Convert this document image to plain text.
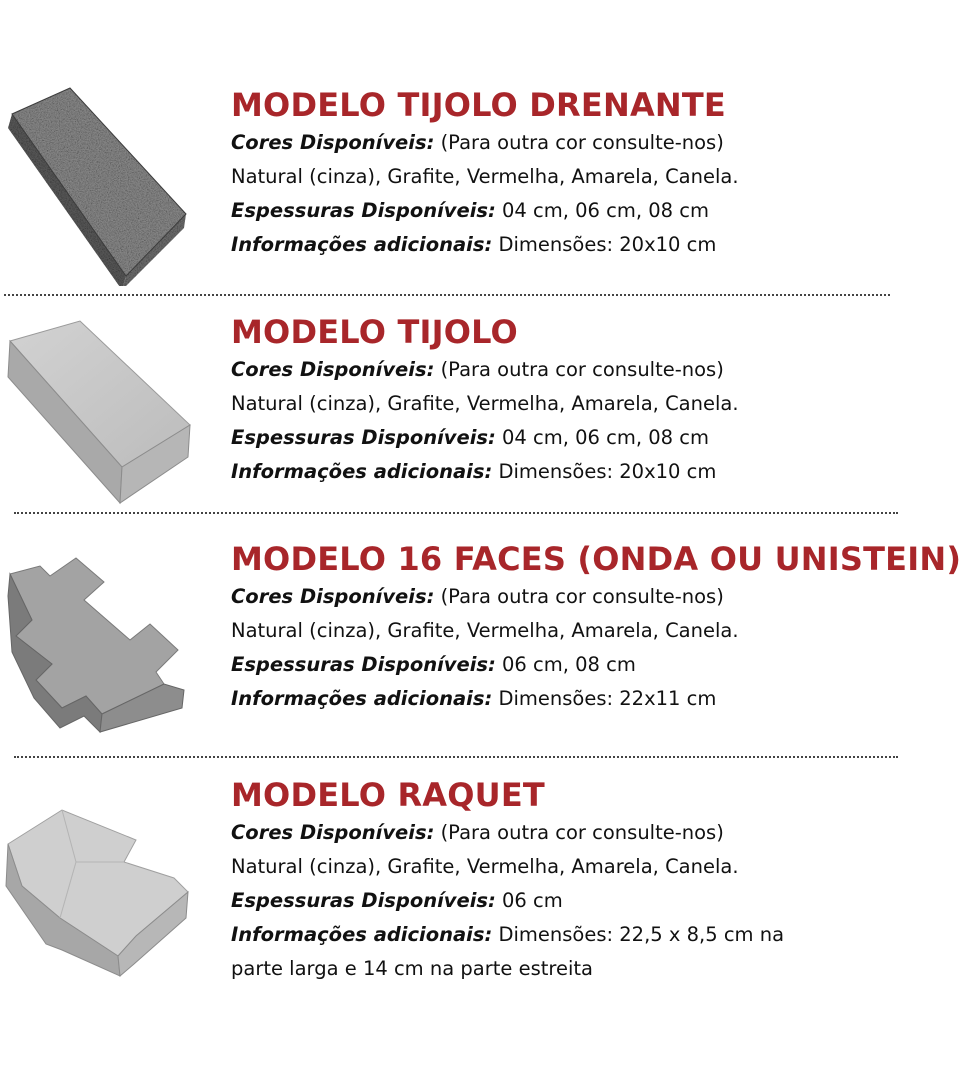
MODELO TIJOLO DRENANTE
Cores Disponíveis: (Para outra cor consulte-nos)
Natural (cinza), Grafite, Vermelha, Amarela, Canela.
Espessuras Disponíveis: 04 cm, 06 cm, 08 cm
Informações adicionais: Dimensões: 20x10 cm
MODELO TIJOLO
Cores Disponíveis: (Para outra cor consulte-nos)
Natural (cinza), Grafite, Vermelha, Amarela, Canela.
Espessuras Disponíveis: 04 cm, 06 cm, 08 cm
Informações adicionais: Dimensões: 20x10 cm
MODELO 16 FACES (ONDA OU UNISTEIN)
Cores Disponíveis: (Para outra cor consulte-nos)
Natural (cinza), Grafite, Vermelha, Amarela, Canela.
Espessuras Disponíveis: 06 cm, 08 cm
Informações adicionais: Dimensões: 22x11 cm
MODELO RAQUET
Cores Disponíveis: (Para outra cor consulte-nos)
Natural (cinza), Grafite, Vermelha, Amarela, Canela.
Espessuras Disponíveis: 06 cm
Informações adicionais: Dimensões: 22,5 x 8,5 cm na
parte larga e 14 cm na parte estreita
